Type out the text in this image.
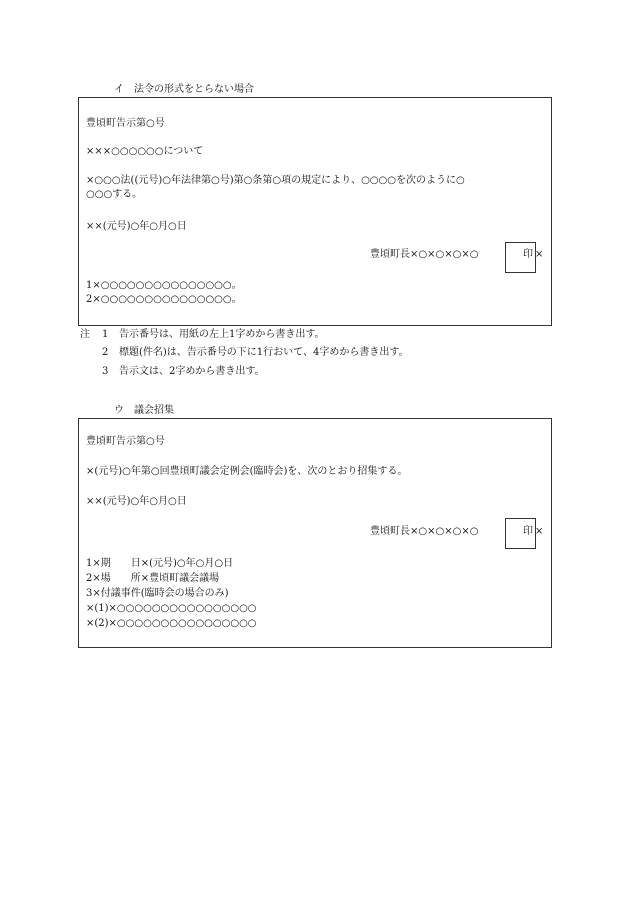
イ　法令の形式をとらない場合
豊頃町告示第○号
×××○○○○○○について
×○○○法((元号)○年法律第○号)第○条第○項の規定により、○○○○を次のように○
○○○する。
××(元号)○年○月○日
豊頃町長×○×○×○×○	印 ×
1×○○○○○○○○○○○○○○○。
2×○○○○○○○○○○○○○○○。
注 1 告示番号は、用紙の左上1字めから書き出す。
2 標題(件名)は、告示番号の下に1行おいて、4字めから書き出す。
3 告示文は、2字めから書き出す。
ウ　議会招集
豊頃町告示第○号
×(元号)○年第○回豊頃町議会定例会(臨時会)を、次のとおり招集する。
××(元号)○年○月○日
豊頃町長×○×○×○×○	印 ×
1×期　　日×(元号)○年○月○日
2×場　　所×豊頃町議会議場
3×付議事件(臨時会の場合のみ)
×(1)×○○○○○○○○○○○○○○○○
×(2)×○○○○○○○○○○○○○○○○
